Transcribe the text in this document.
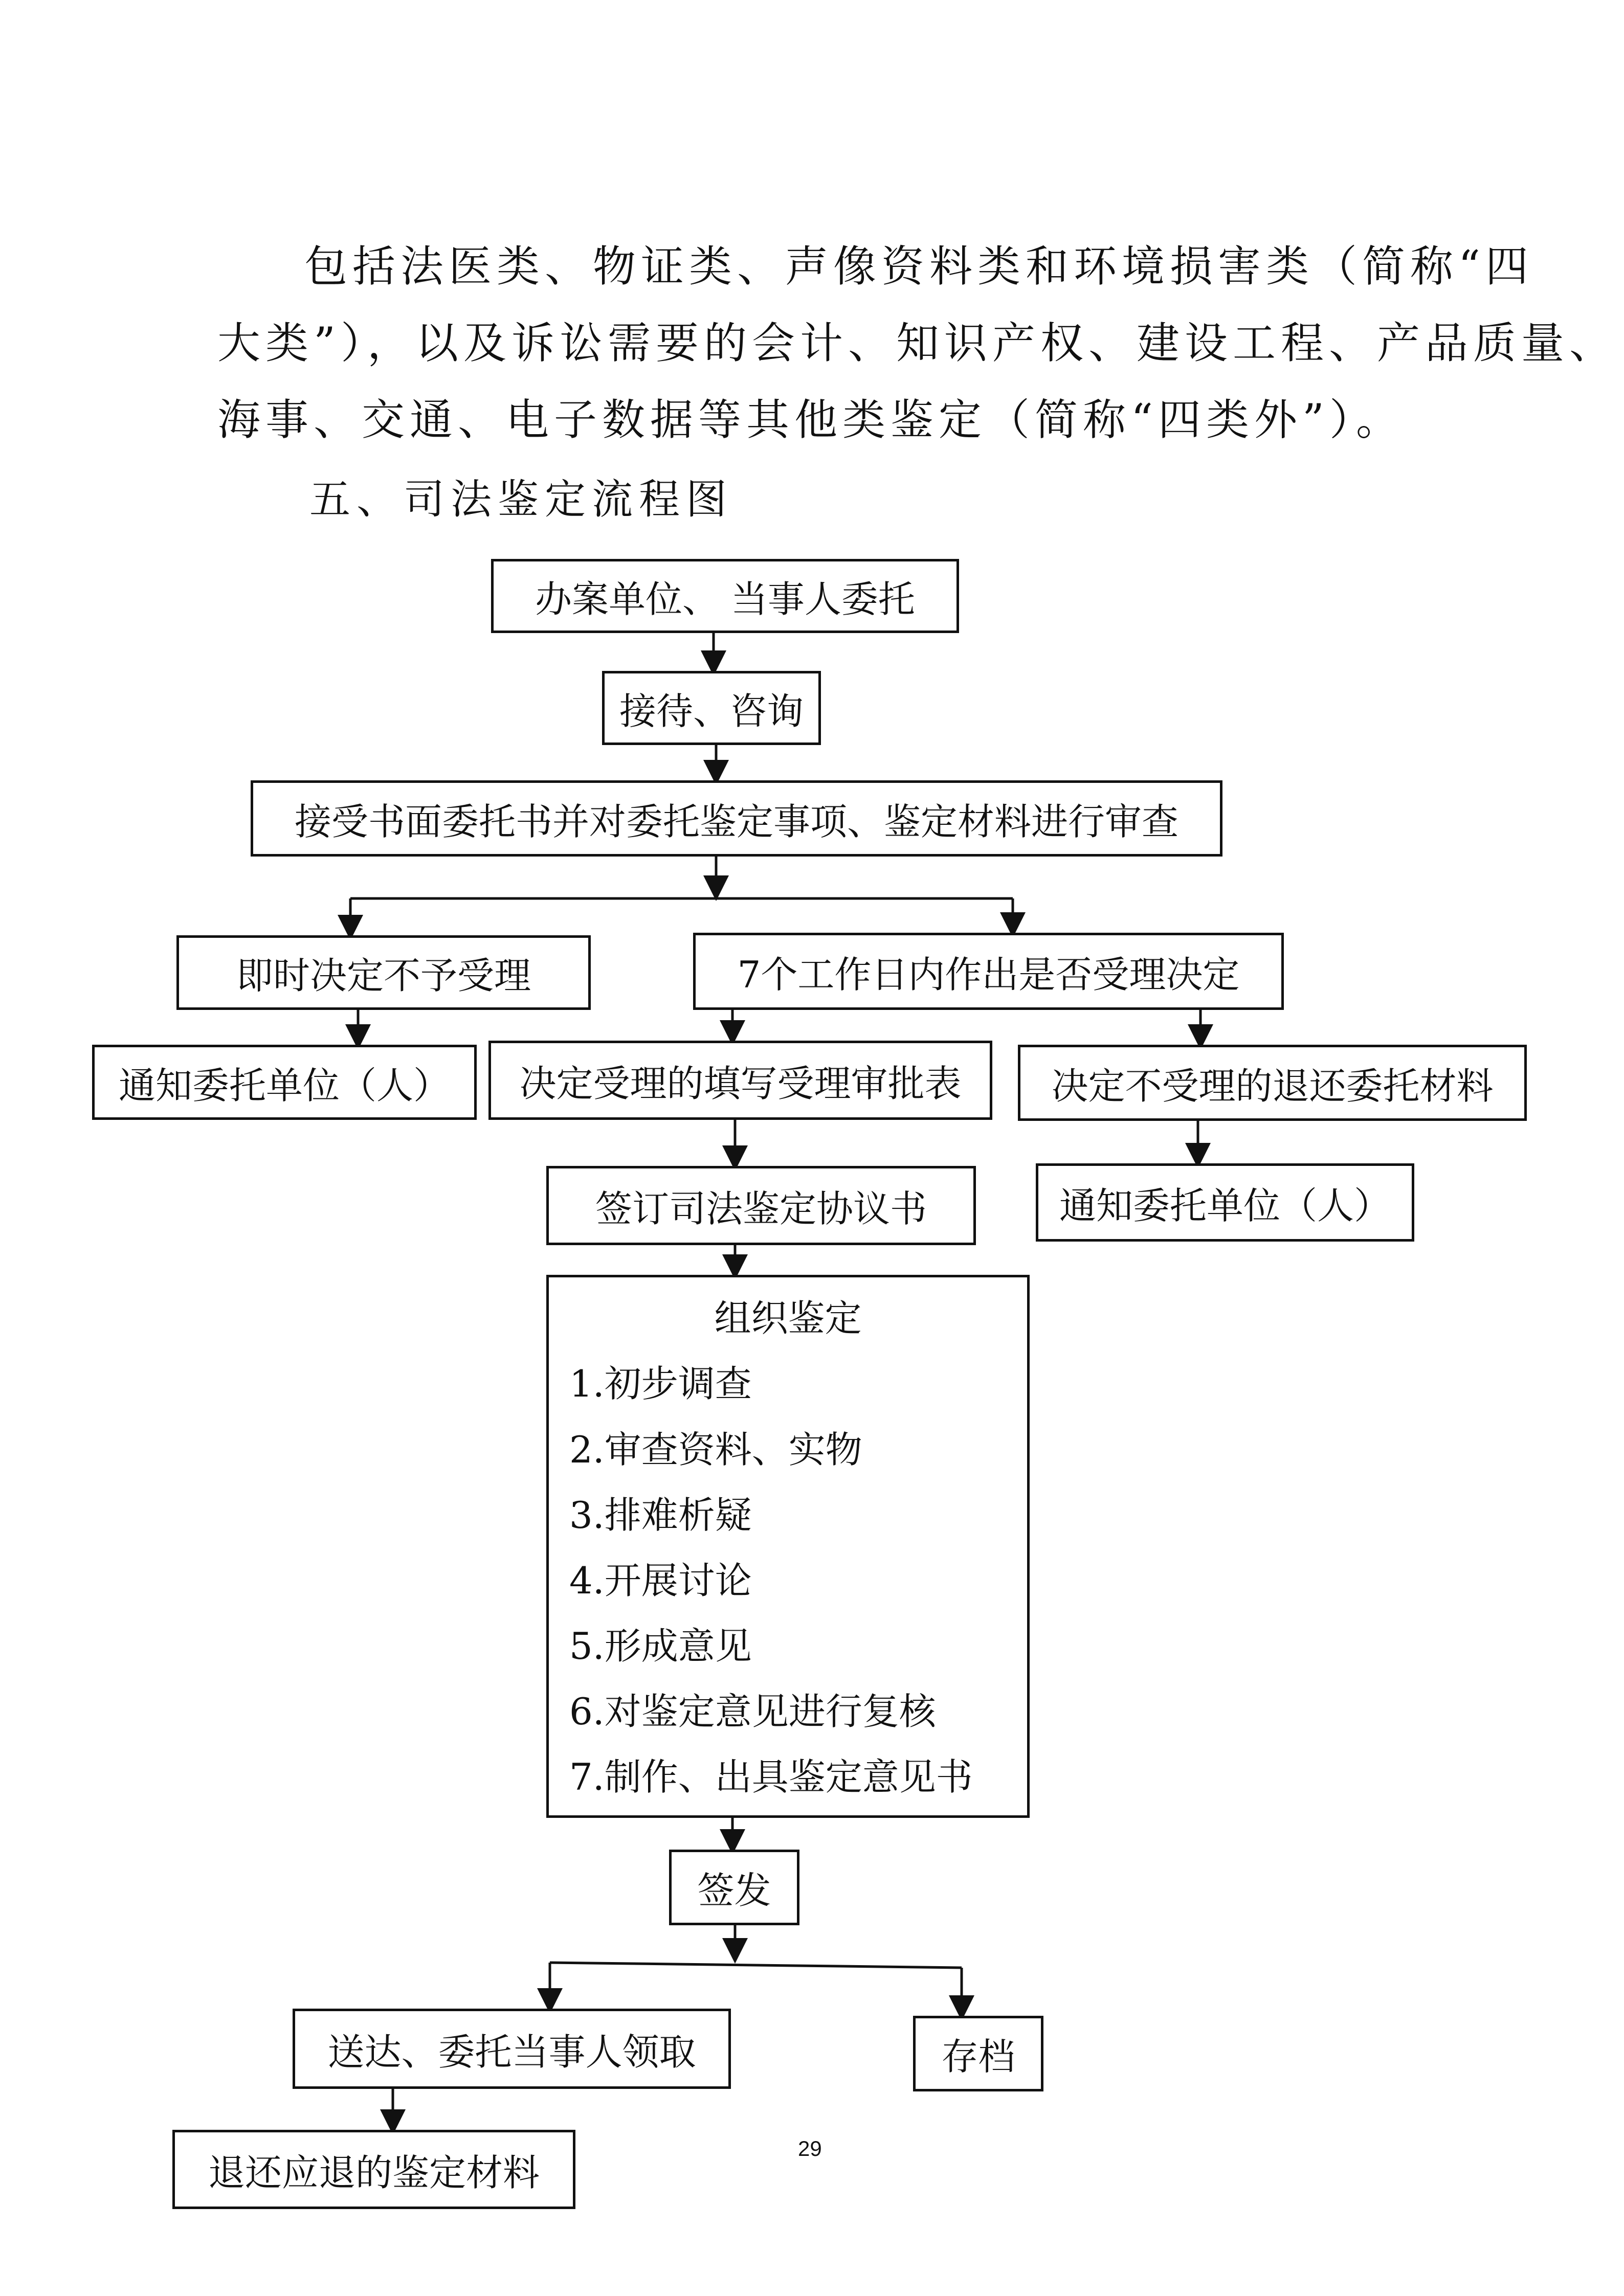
包括法医类、物证类、声像资料类和环境损害类（简称“四
大类”），以及诉讼需要的会计、知识产权、建设工程、产品质量、
海事、交通、电子数据等其他类鉴定（简称“四类外”）。
五、司法鉴定流程图
办案单位、 当事人委托
接待、咨询
接受书面委托书并对委托鉴定事项、鉴定材料进行审查
即时决定不予受理	7个工作日内作出是否受理决定
通知委托单位（人）	决定受理的填写受理审批表	决定不受理的退还委托材料
签订司法鉴定协议书	通知委托单位（人）
组织鉴定
1.初步调查
2.审查资料、实物
3.排难析疑
4.开展讨论
5.形成意见
6.对鉴定意见进行复核
7.制作、出具鉴定意见书
签发
送达、委托当事人领取	存档
退还应退的鉴定材料
29
